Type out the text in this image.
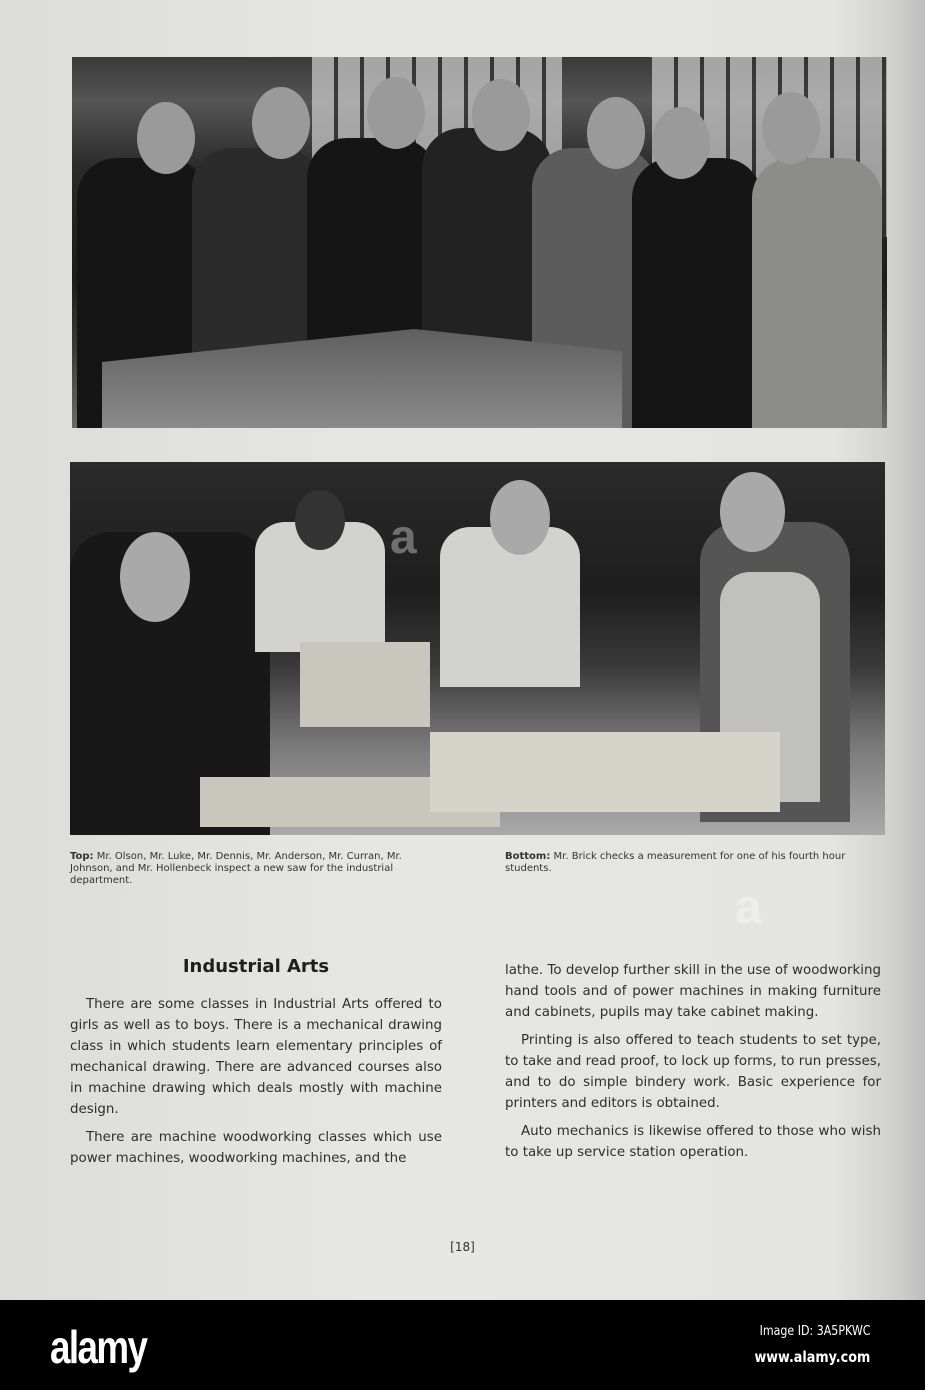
Top: Mr. Olson, Mr. Luke, Mr. Dennis, Mr. Anderson, Mr. Curran, Mr. Johnson, and Mr. Hollenbeck inspect a new saw for the industrial department.
Bottom: Mr. Brick checks a measurement for one of his fourth hour students.
Industrial Arts

There are some classes in Industrial Arts offered to girls as well as to boys. There is a mechanical drawing class in which students learn elementary principles of mechanical drawing. There are advanced courses also in machine drawing which deals mostly with machine design.

There are machine woodworking classes which use power machines, woodworking machines, and the

lathe. To develop further skill in the use of woodworking hand tools and of power machines in making furniture and cabinets, pupils may take cabinet making.

Printing is also offered to teach students to set type, to take and read proof, to lock up forms, to run presses, and to do simple bindery work. Basic experience for printers and editors is obtained.

Auto mechanics is likewise offered to those who wish to take up service station operation.

[18]
a
a
alamy	Image ID: 3A5PKWC
www.alamy.com
